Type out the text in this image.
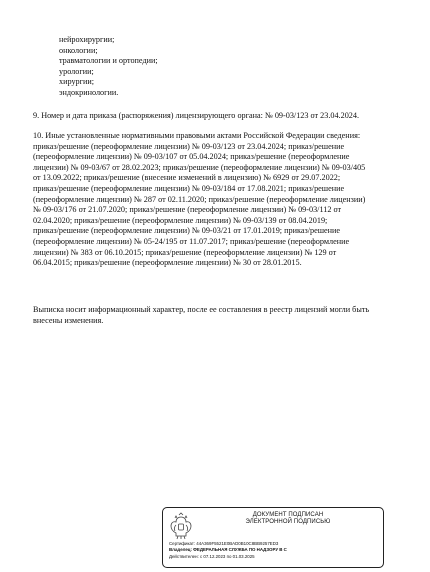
нейрохирургии;
онкологии;
травматологии и ортопедии;
урологии;
хирургии;
эндокринологии.
9. Номер и дата приказа (распоряжения) лицензирующего органа: № 09-03/123 от 23.04.2024.
10. Иные установленные нормативными правовыми актами Российской Федерации сведения:
приказ/решение (переоформление лицензии) № 09-03/123 от 23.04.2024; приказ/решение
(переоформление лицензии) № 09-03/107 от 05.04.2024; приказ/решение (переоформление
лицензии) № 09-03/67 от 28.02.2023; приказ/решение (переоформление лицензии) № 09-03/405
от 13.09.2022; приказ/решение (внесение изменений в лицензию) № 6929 от 29.07.2022;
приказ/решение (переоформление лицензии) № 09-03/184 от 17.08.2021; приказ/решение
(переоформление лицензии) № 287 от 02.11.2020; приказ/решение (переоформление лицензии)
№ 09-03/176 от 21.07.2020; приказ/решение (переоформление лицензии) № 09-03/112 от
02.04.2020; приказ/решение (переоформление лицензии) № 09-03/139 от 08.04.2019;
приказ/решение (переоформление лицензии) № 09-03/21 от 17.01.2019; приказ/решение
(переоформление лицензии) № 05-24/195 от 11.07.2017; приказ/решение (переоформление
лицензии) № 383 от 06.10.2015; приказ/решение (переоформление лицензии) № 129 от
06.04.2015; приказ/решение (переоформление лицензии) № 30 от 28.01.2015.
Выписка носит информационный характер, после ее составления в реестр лицензий могли быть
внесены изменения.
ДОКУМЕНТ ПОДПИСАН
ЭЛЕКТРОННОЙ ПОДПИСЬЮ
Сертификат: 44A369F5521E0BAD0B10C8BB9257ED3
Владелец: ФЕДЕРАЛЬНАЯ СЛУЖБА ПО НАДЗОРУ В С
Действителен: с 07.12.2023 по 01.03.2025
